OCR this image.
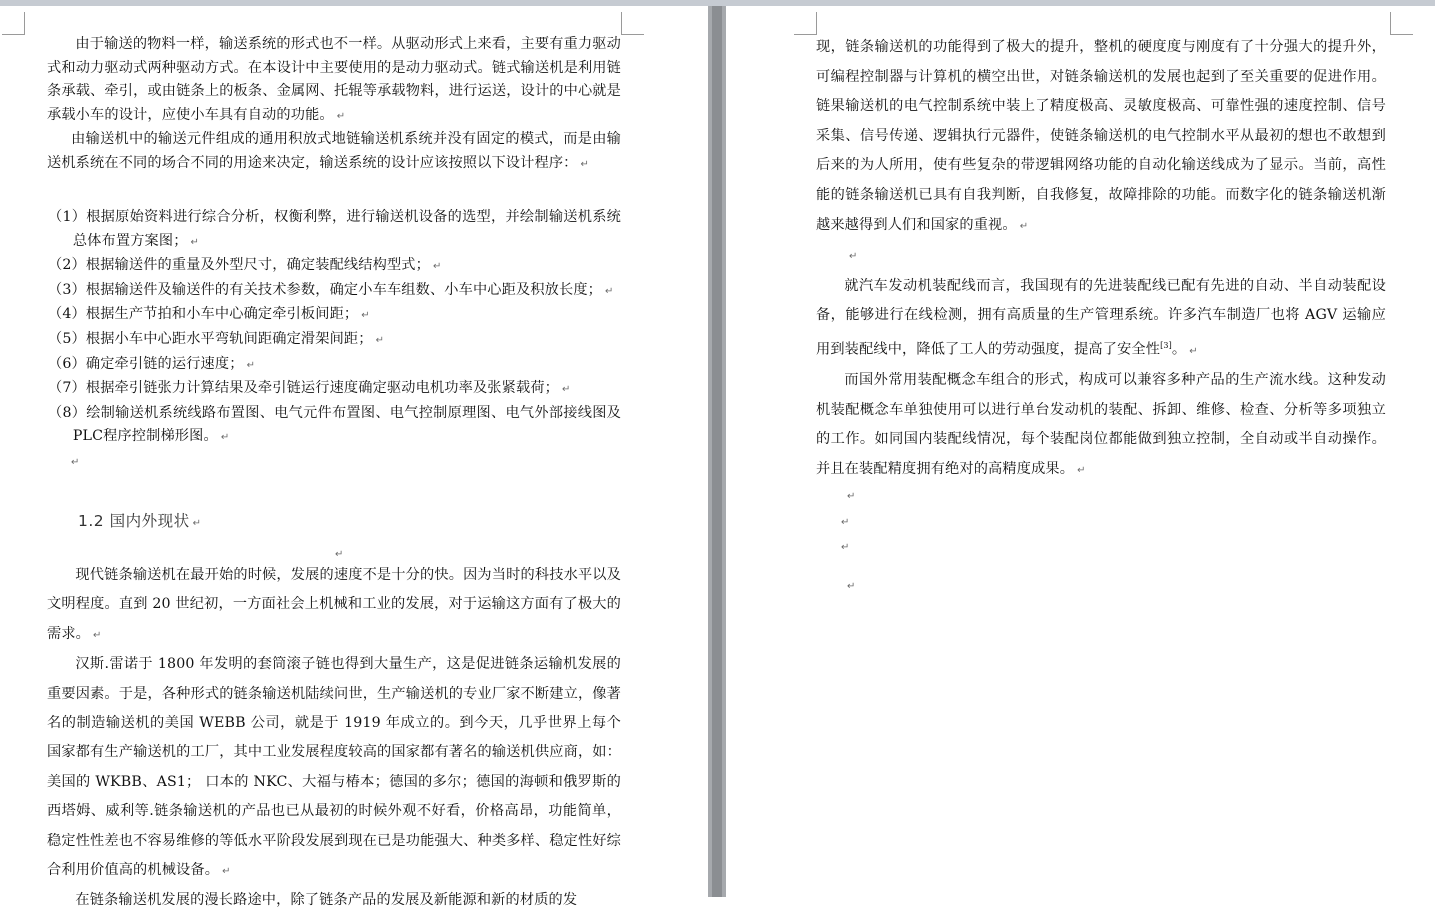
由于输送的物料一样，输送系统的形式也不一样。从驱动形式上来看，主要有重力驱动式和动力驱动式两种驱动方式。在本设计中主要使用的是动力驱动式。链式输送机是利用链条承载、牵引，或由链条上的板条、金属网、托辊等承载物料，进行运送，设计的中心就是承载小车的设计，应使小车具有自动的功能。 ↵

由输送机中的输送元件组成的通用积放式地链输送机系统并没有固定的模式，而是由输送机系统在不同的场合不同的用途来决定，输送系统的设计应该按照以下设计程序： ↵

（1）根据原始资料进行综合分析，权衡利弊，进行输送机设备的选型，并绘制输送机系统总体布置方案图； ↵

（2）根据输送件的重量及外型尺寸，确定装配线结构型式； ↵

（3）根据输送件及输送件的有关技术参数，确定小车车组数、小车中心距及积放长度； ↵

（4）根据生产节拍和小车中心确定牵引板间距； ↵

（5）根据小车中心距水平弯轨间距确定滑架间距； ↵

（6）确定牵引链的运行速度； ↵

（7）根据牵引链张力计算结果及牵引链运行速度确定驱动电机功率及张紧载荷； ↵

（8）绘制输送机系统线路布置图、电气元件布置图、电气控制原理图、电气外部接线图及PLC程序控制梯形图。 ↵

↵

1.2 国内外现状 ↵
↵

现代链条输送机在最开始的时候，发展的速度不是十分的快。因为当时的科技水平以及文明程度。直到 20 世纪初，一方面社会上机械和工业的发展，对于运输这方面有了极大的需求。 ↵

汉斯.雷诺于 1800 年发明的套筒滚子链也得到大量生产，这是促进链条运输机发展的重要因素。于是，各种形式的链条输送机陆续问世，生产输送机的专业厂家不断建立，像著名的制造输送机的美国 WEBB 公司，就是于 1919 年成立的。到今天，几乎世界上每个国家都有生产输送机的工厂，其中工业发展程度较高的国家都有著名的输送机供应商，如：美国的 WKBB、AS1； 口本的 NKC、大福与椿本；德国的多尔；德国的海顿和俄罗斯的西塔姆、威利等.链条输送机的产品也已从最初的时候外观不好看，价格高昂，功能简单，稳定性性差也不容易维修的等低水平阶段发展到现在已是功能强大、种类多样、稳定性好综合利用价值高的机械设备。 ↵

在链条输送机发展的漫长路途中，除了链条产品的发展及新能源和新的材质的发

现，链条输送机的功能得到了极大的提升，整机的硬度度与刚度有了十分强大的提升外，可编程控制器与计算机的横空出世，对链条输送机的发展也起到了至关重要的促进作用。链果输送机的电气控制系统中装上了精度极高、灵敏度极高、可靠性强的速度控制、信号采集、信号传递、逻辑执行元器件，使链条输送机的电气控制水平从最初的想也不敢想到后来的为人所用，使有些复杂的带逻辑网络功能的自动化输送线成为了显示。当前，高性能的链条输送机已具有自我判断，自我修复，故障排除的功能。而数字化的链条输送机渐越来越得到人们和国家的重视。 ↵

↵

就汽车发动机装配线而言，我国现有的先进装配线已配有先进的自动、半自动装配设备，能够进行在线检测，拥有高质量的生产管理系统。许多汽车制造厂也将 AGV 运输应用到装配线中，降低了工人的劳动强度，提高了安全性[3]。 ↵

而国外常用装配概念车组合的形式，构成可以兼容多种产品的生产流水线。这种发动机装配概念车单独使用可以进行单台发动机的装配、拆卸、维修、检查、分析等多项独立的工作。如同国内装配线情况，每个装配岗位都能做到独立控制，全自动或半自动操作。并且在装配精度拥有绝对的高精度成果。 ↵

↵
↵
↵
↵
